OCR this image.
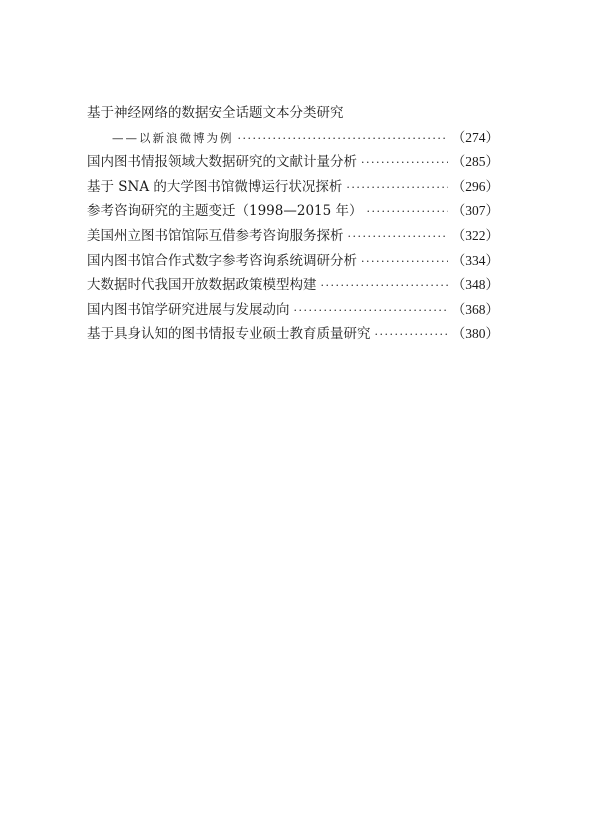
基于神经网络的数据安全话题文本分类研究
——以新浪微博为例 ·····	（274）
国内图书情报领域大数据研究的文献计量分析 ·····	（285）
基于 SNA 的大学图书馆微博运行状况探析 ·····	（296）
参考咨询研究的主题变迁（1998—2015 年） ·····	（307）
美国州立图书馆馆际互借参考咨询服务探析 ·····	（322）
国内图书馆合作式数字参考咨询系统调研分析 ·····	（334）
大数据时代我国开放数据政策模型构建 ·····	（348）
国内图书馆学研究进展与发展动向 ·····	（368）
基于具身认知的图书情报专业硕士教育质量研究 ·····	（380）
